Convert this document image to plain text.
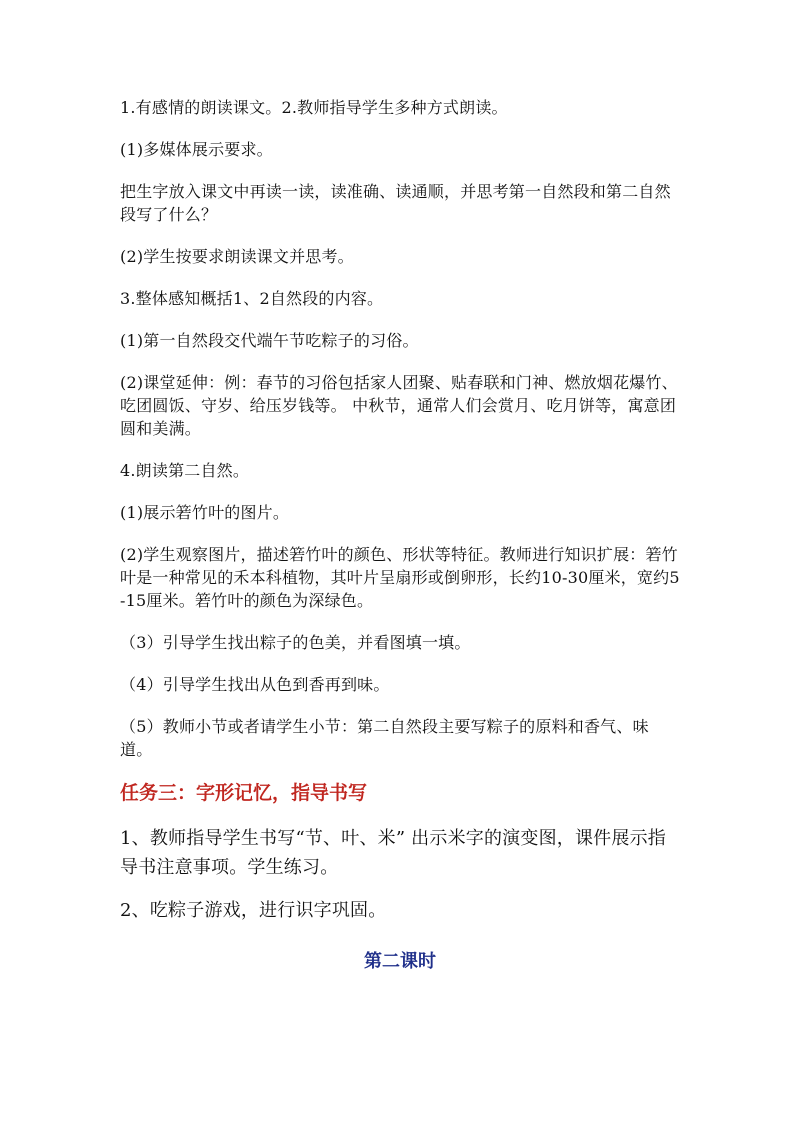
1.有感情的朗读课文。2.教师指导学生多种方式朗读。

(1)多媒体展示要求。

把生字放入课文中再读一读，读准确、读通顺，并思考第一自然段和第二自然段写了什么？

(2)学生按要求朗读课文并思考。

3.整体感知概括1、2自然段的内容。

(1)第一自然段交代端午节吃粽子的习俗。

(2)课堂延伸：例：春节的习俗包括家人团聚、贴春联和门神、燃放烟花爆竹、吃团圆饭、守岁、给压岁钱等。 中秋节，通常人们会赏月、吃月饼等，寓意团圆和美满。

4.朗读第二自然。

(1)展示箬竹叶的图片。

(2)学生观察图片，描述箬竹叶的颜色、形状等特征。教师进行知识扩展：箬竹叶是一种常见的禾本科植物，其叶片呈扇形或倒卵形，长约10-30厘米，宽约5-15厘米。箬竹叶的颜色为深绿色。

（3）引导学生找出粽子的色美，并看图填一填。

（4）引导学生找出从色到香再到味。

（5）教师小节或者请学生小节：第二自然段主要写粽子的原料和香气、味道。

任务三：字形记忆，指导书写

1、教师指导学生书写“节、叶、米” 出示米字的演变图，课件展示指导书注意事项。学生练习。

2、吃粽子游戏，进行识字巩固。

第二课时
